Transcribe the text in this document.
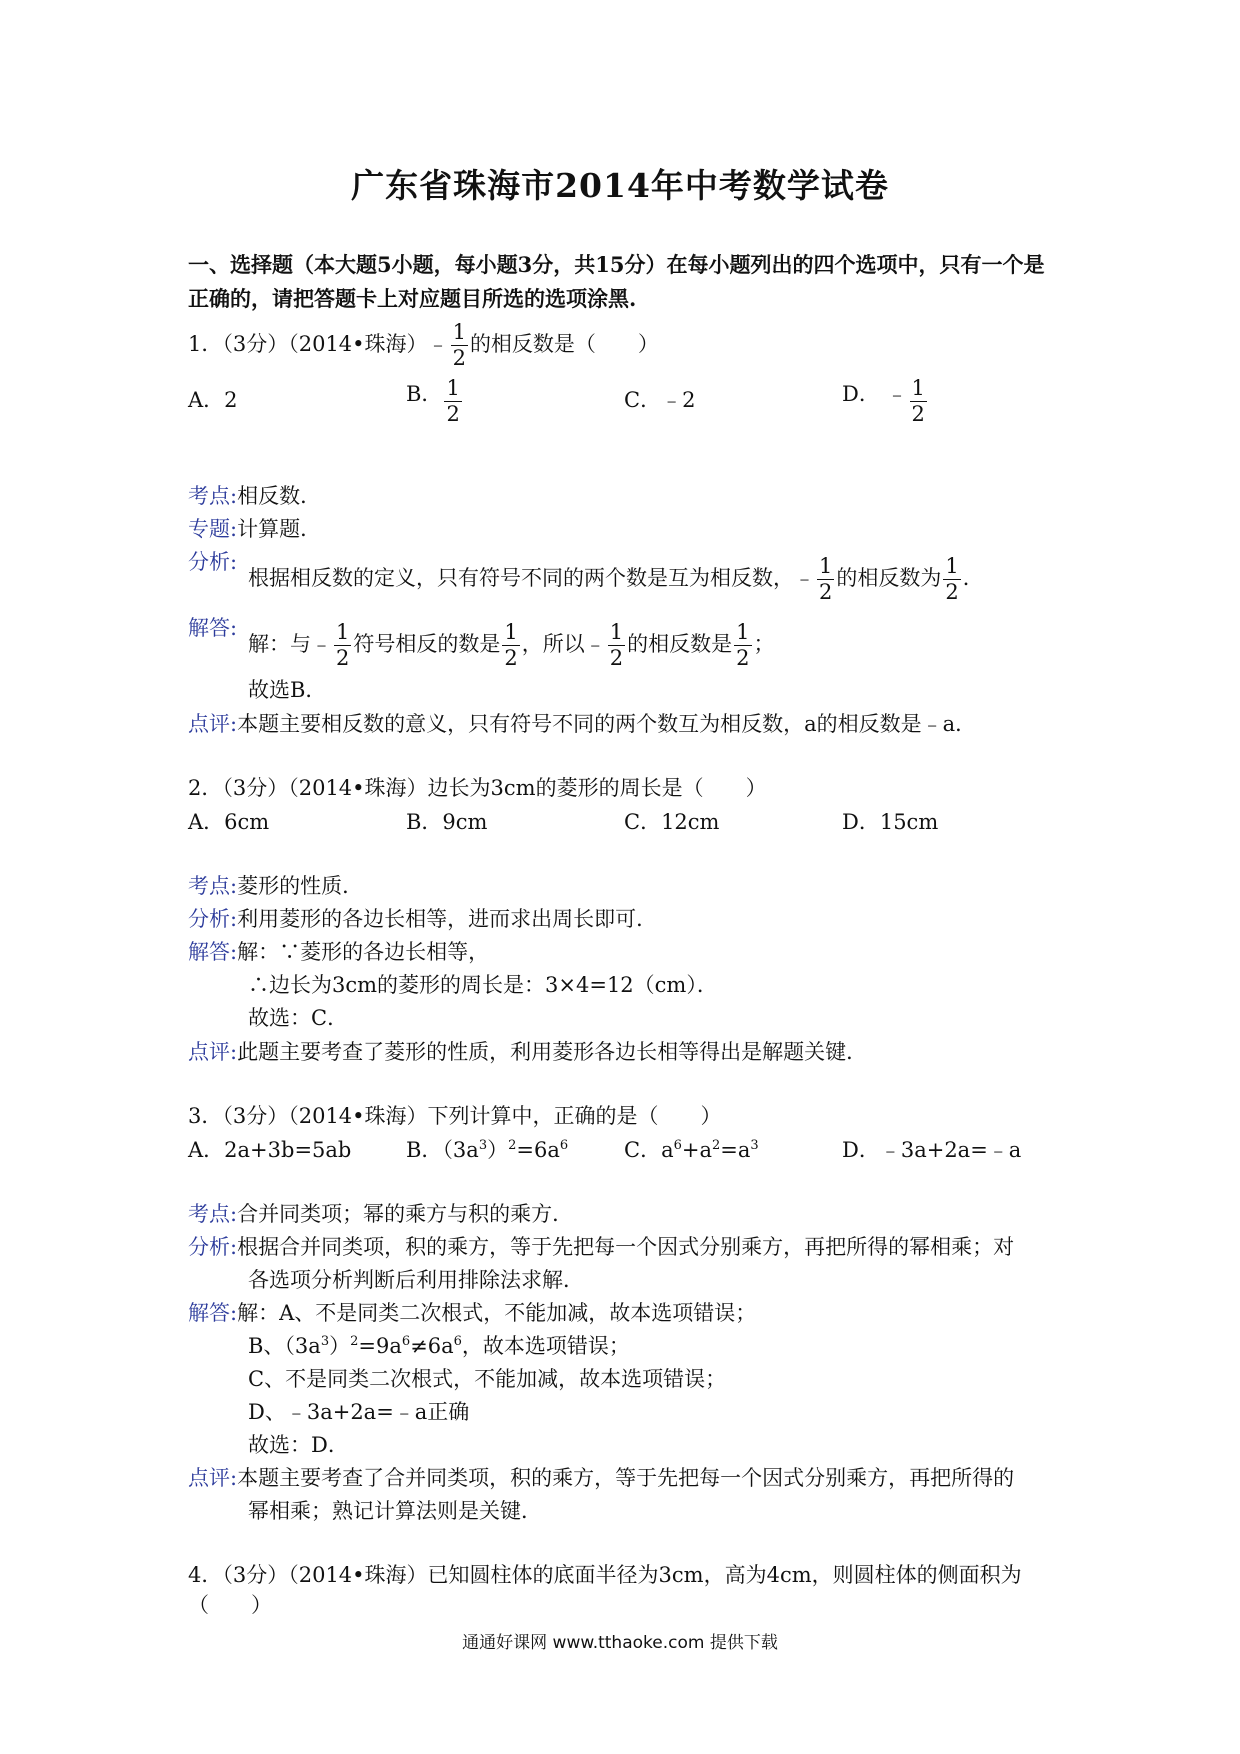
广东省珠海市2014年中考数学试卷
一、选择题（本大题5小题，每小题3分，共15分）在每小题列出的四个选项中，只有一个是正确的，请把答题卡上对应题目所选的选项涂黑.
1．（3分）（2014•珠海）﹣ $\frac{1}{2}$ 的相反数是（　　）
A．2	B． $\frac{1}{2}$	C．﹣2	D． ﹣ $\frac{1}{2}$
考点:相反数．
专题:计算题．
分析:
根据相反数的定义，只有符号不同的两个数是互为相反数，﹣ $\frac{1}{2}$ 的相反数为 $\frac{1}{2}$ ．
解答:
解：与﹣ $\frac{1}{2}$ 符号相反的数是 $\frac{1}{2}$ ，所以﹣ $\frac{1}{2}$ 的相反数是 $\frac{1}{2}$ ；
故选B．
点评:本题主要相反数的意义，只有符号不同的两个数互为相反数，a的相反数是﹣a．
2．（3分）（2014•珠海）边长为3cm的菱形的周长是（　　）
A．6cm	B．9cm	C．12cm	D．15cm
考点:菱形的性质．
分析:利用菱形的各边长相等，进而求出周长即可．
解答:解：∵菱形的各边长相等，
∴边长为3cm的菱形的周长是：3×4=12（cm）．
故选：C．
点评:此题主要考查了菱形的性质，利用菱形各边长相等得出是解题关键．
3．（3分）（2014•珠海）下列计算中，正确的是（　　）
A．2a+3b=5ab	B．$(3a^3)^2=6a^6$	C．$a^6+a^2=a^3$	D．﹣3a+2a=﹣a
考点:合并同类项；幂的乘方与积的乘方．
分析:根据合并同类项，积的乘方，等于先把每一个因式分别乘方，再把所得的幂相乘；对
各选项分析判断后利用排除法求解．
解答:解：A、不是同类二次根式，不能加减，故本选项错误；
B、$(3a^3)^2=9a^6\ne 6a^6$，故本选项错误；
C、不是同类二次根式，不能加减，故本选项错误；
D、﹣3a+2a=﹣a正确
故选：D．
点评:本题主要考查了合并同类项，积的乘方，等于先把每一个因式分别乘方，再把所得的
幂相乘；熟记计算法则是关键．
4．（3分）（2014•珠海）已知圆柱体的底面半径为3cm，高为4cm，则圆柱体的侧面积为（　　）
通通好课网 www.tthaoke.com 提供下载
